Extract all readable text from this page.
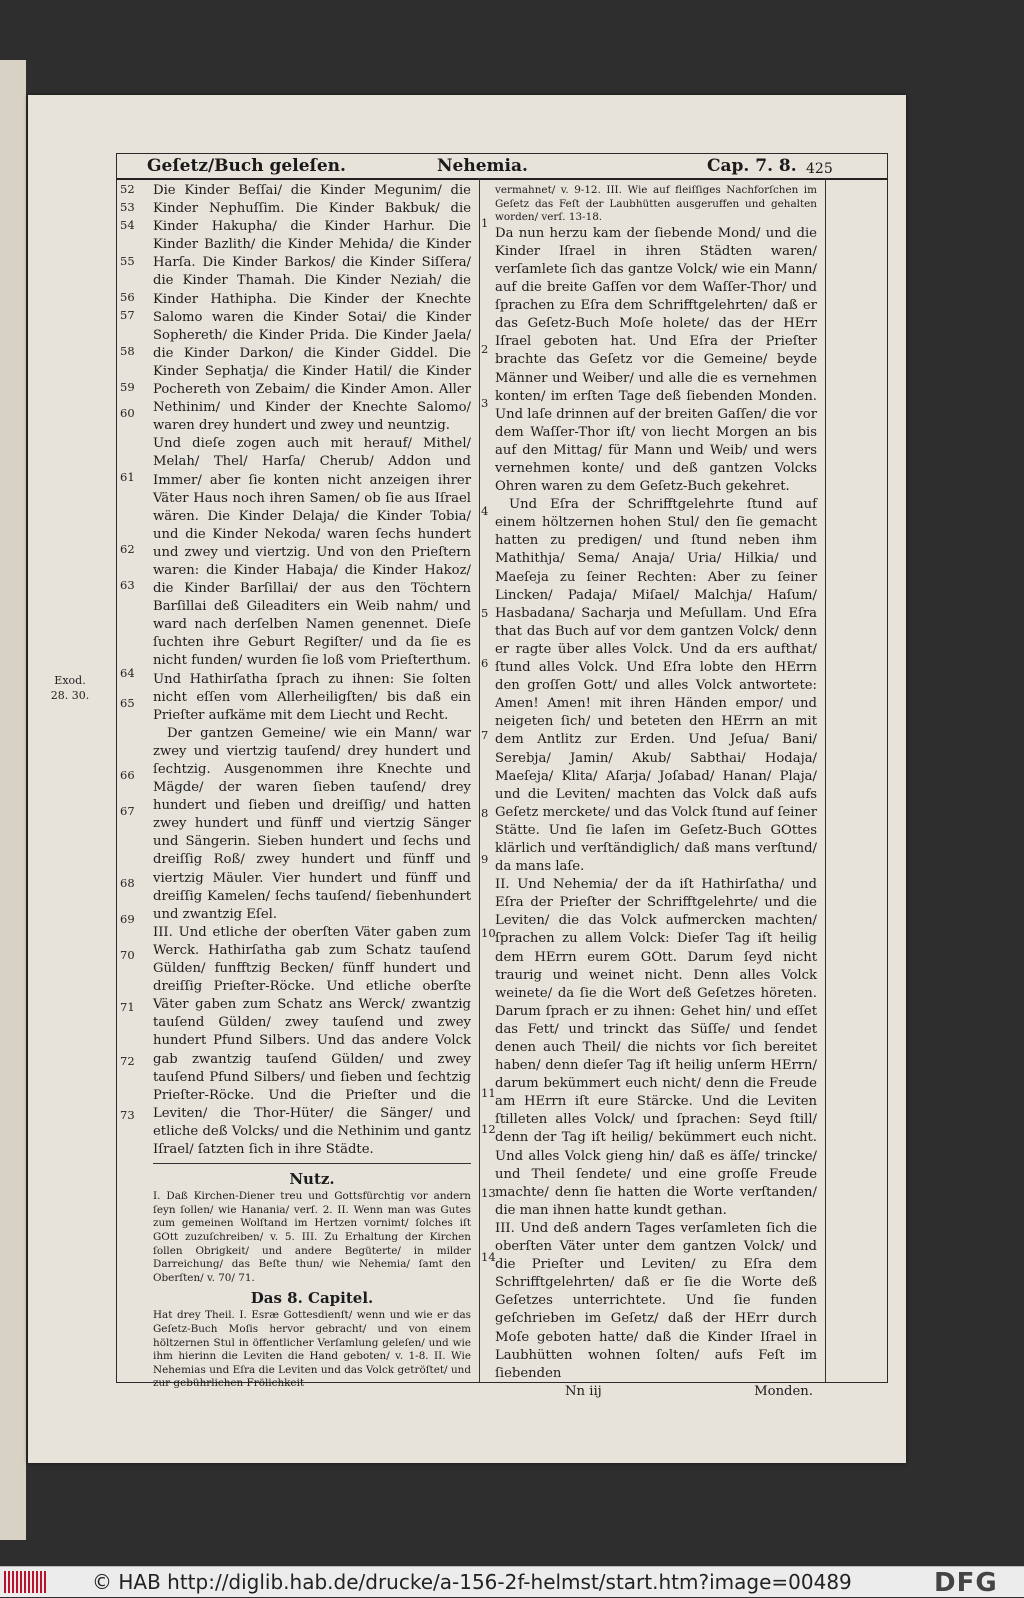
Geſetz/Buch geleſen.	Nehemia.	Cap. 7. 8.
52
53
54
55
56
57
58
59
60
61
62
63
64
65
66
67
68
69
70
71
72
73

Die Kinder Beſſai/ die Kinder Megunim/ die Kinder Nephuſſim. Die Kinder Bakbuk/ die Kinder Hakupha/ die Kinder Harhur. Die Kinder Bazlith/ die Kinder Mehida/ die Kinder Harſa. Die Kinder Barkos/ die Kinder Siſſera/ die Kinder Thamah. Die Kinder Neziah/ die Kinder Hathipha. Die Kinder der Knechte Salomo waren die Kinder Sotai/ die Kinder Sophereth/ die Kinder Prida. Die Kinder Jaela/ die Kinder Darkon/ die Kinder Giddel. Die Kinder Sephatja/ die Kinder Hatil/ die Kinder Pochereth von Zebaim/ die Kinder Amon. Aller Nethinim/ und Kinder der Knechte Salomo/ waren drey hundert und zwey und neuntzig.

Und dieſe zogen auch mit herauf/ Mithel/ Melah/ Thel/ Harſa/ Cherub/ Addon und Immer/ aber ſie konten nicht anzeigen ihrer Väter Haus noch ihren Samen/ ob ſie aus Iſrael wären. Die Kinder Delaja/ die Kinder Tobia/ und die Kinder Nekoda/ waren ſechs hundert und zwey und viertzig. Und von den Prieſtern waren: die Kinder Habaja/ die Kinder Hakoz/ die Kinder Barſillai/ der aus den Töchtern Barſillai deß Gileaditers ein Weib nahm/ und ward nach derſelben Namen genennet. Dieſe ſuchten ihre Geburt Regiſter/ und da ſie es nicht funden/ wurden ſie loß vom Prieſterthum. Und Hathirſatha ſprach zu ihnen: Sie ſolten nicht eſſen vom Allerheiligſten/ bis daß ein Prieſter aufkäme mit dem Liecht und Recht.

Der gantzen Gemeine/ wie ein Mann/ war zwey und viertzig tauſend/ drey hundert und ſechtzig. Ausgenommen ihre Knechte und Mägde/ der waren ſieben tauſend/ drey hundert und ſieben und dreiſſig/ und hatten zwey hundert und fünff und viertzig Sänger und Sängerin. Sieben hundert und ſechs und dreiſſig Roß/ zwey hundert und fünff und viertzig Mäuler. Vier hundert und fünff und dreiſſig Kamelen/ ſechs tauſend/ ſiebenhundert und zwantzig Eſel.

III. Und etliche der oberſten Väter gaben zum Werck. Hathirſatha gab zum Schatz tauſend Gülden/ funfftzig Becken/ fünff hundert und dreiſſig Prieſter-Röcke. Und etliche oberſte Väter gaben zum Schatz ans Werck/ zwantzig tauſend Gülden/ zwey tauſend und zwey hundert Pfund Silbers. Und das andere Volck gab zwantzig tauſend Gülden/ und zwey tauſend Pfund Silbers/ und ſieben und ſechtzig Prieſter-Röcke. Und die Prieſter und die Leviten/ die Thor-Hüter/ die Sänger/ und etliche deß Volcks/ und die Nethinim und gantz Iſrael/ ſatzten ſich in ihre Städte.

Nutz.

I. Daß Kirchen-Diener treu und Gottsfürchtig vor andern ſeyn ſollen/ wie Hanania/ verſ. 2. II. Wenn man was Gutes zum gemeinen Wolſtand im Hertzen vornimt/ ſolches iſt GOtt zuzuſchreiben/ v. 5. III. Zu Erhaltung der Kirchen ſollen Obrigkeit/ und andere Begüterte/ in milder Darreichung/ das Beſte thun/ wie Nehemia/ ſamt den Oberſten/ v. 70/ 71.

Das 8. Capitel.

Hat drey Theil. I. Esræ Gottesdienſt/ wenn und wie er das Geſetz-Buch Moſis hervor gebracht/ und von einem höltzernen Stul in öffentlicher Verſamlung geleſen/ und wie ihm hierinn die Leviten die Hand geboten/ v. 1-8. II. Wie Nehemias und Eſra die Leviten und das Volck getröſtet/ und zur gebührlichen Frölichkeit

1
2
3
4
5
6
7
8
9
10
11
12
13
14

vermahnet/ v. 9-12. III. Wie auf fleiſſiges Nachforſchen im Geſetz das Feſt der Laubhütten ausgeruffen und gehalten worden/ verſ. 13-18.

Da nun herzu kam der ſiebende Mond/ und die Kinder Iſrael in ihren Städten waren/ verſamlete ſich das gantze Volck/ wie ein Mann/ auf die breite Gaſſen vor dem Waſſer-Thor/ und ſprachen zu Eſra dem Schrifftgelehrten/ daß er das Geſetz-Buch Moſe holete/ das der HErr Iſrael geboten hat. Und Eſra der Prieſter brachte das Geſetz vor die Gemeine/ beyde Männer und Weiber/ und alle die es vernehmen konten/ im erſten Tage deß ſiebenden Monden. Und laſe drinnen auf der breiten Gaſſen/ die vor dem Waſſer-Thor iſt/ von liecht Morgen an bis auf den Mittag/ für Mann und Weib/ und wers vernehmen konte/ und deß gantzen Volcks Ohren waren zu dem Geſetz-Buch gekehret.

Und Eſra der Schrifftgelehrte ſtund auf einem höltzernen hohen Stul/ den ſie gemacht hatten zu predigen/ und ſtund neben ihm Mathithja/ Sema/ Anaja/ Uria/ Hilkia/ und Maeſeja zu ſeiner Rechten: Aber zu ſeiner Lincken/ Padaja/ Miſael/ Malchja/ Haſum/ Hasbadana/ Sacharja und Meſullam. Und Eſra that das Buch auf vor dem gantzen Volck/ denn er ragte über alles Volck. Und da ers aufthat/ ſtund alles Volck. Und Eſra lobte den HErrn den groſſen Gott/ und alles Volck antwortete: Amen! Amen! mit ihren Händen empor/ und neigeten ſich/ und beteten den HErrn an mit dem Antlitz zur Erden. Und Jeſua/ Bani/ Serebja/ Jamin/ Akub/ Sabthai/ Hodaja/ Maeſeja/ Klita/ Aſarja/ Joſabad/ Hanan/ Plaja/ und die Leviten/ machten das Volck daß aufs Geſetz merckete/ und das Volck ſtund auf ſeiner Stätte. Und ſie laſen im Geſetz-Buch GOttes klärlich und verſtändiglich/ daß mans verſtund/ da mans laſe.

II. Und Nehemia/ der da iſt Hathirſatha/ und Eſra der Prieſter der Schrifftgelehrte/ und die Leviten/ die das Volck aufmercken machten/ ſprachen zu allem Volck: Dieſer Tag iſt heilig dem HErrn eurem GOtt. Darum ſeyd nicht traurig und weinet nicht. Denn alles Volck weinete/ da ſie die Wort deß Geſetzes höreten. Darum ſprach er zu ihnen: Gehet hin/ und eſſet das Fett/ und trinckt das Süſſe/ und ſendet denen auch Theil/ die nichts vor ſich bereitet haben/ denn dieſer Tag iſt heilig unſerm HErrn/ darum bekümmert euch nicht/ denn die Freude am HErrn iſt eure Stärcke. Und die Leviten ſtilleten alles Volck/ und ſprachen: Seyd ſtill/ denn der Tag iſt heilig/ bekümmert euch nicht. Und alles Volck gieng hin/ daß es äſſe/ trincke/ und Theil ſendete/ und eine groſſe Freude machte/ denn ſie hatten die Worte verſtanden/ die man ihnen hatte kundt gethan.

III. Und deß andern Tages verſamleten ſich die oberſten Väter unter dem gantzen Volck/ und die Prieſter und Leviten/ zu Eſra dem Schrifftgelehrten/ daß er ſie die Worte deß Geſetzes unterrichtete. Und ſie funden geſchrieben im Geſetz/ daß der HErr durch Moſe geboten hatte/ daß die Kinder Iſrael in Laubhütten wohnen ſolten/ aufs Feſt im ſiebenden

Nn iij	Monden.
425
Exod. 28. 30.
© HAB http://diglib.hab.de/drucke/a-156-2f-helmst/start.htm?image=00489	DFG
